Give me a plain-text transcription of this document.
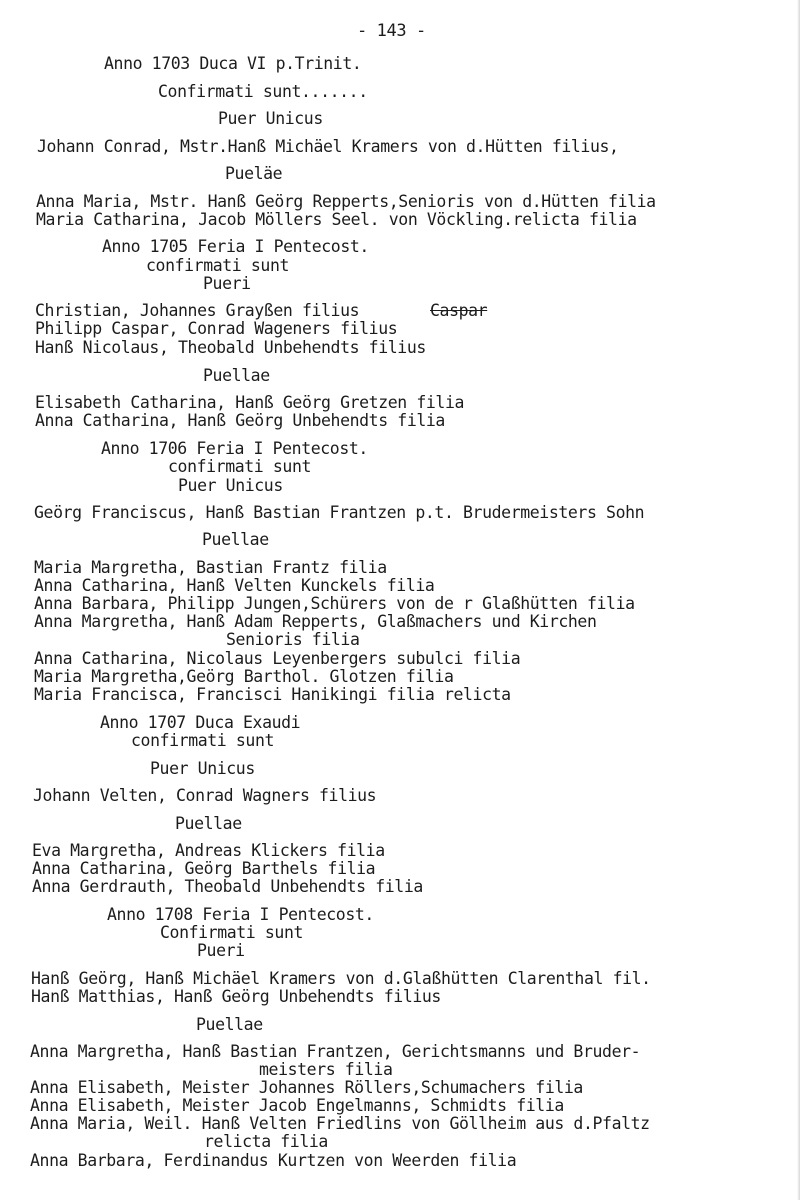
- 143 -
Anno 1703 Duca VI p.Trinit.
Confirmati sunt.......
Puer Unicus
Johann Conrad, Mstr.Hanß Michäel Kramers von d.Hütten filius,
Pueläe
Anna Maria, Mstr. Hanß Geörg Repperts,Senioris von d.Hütten filia
Maria Catharina, Jacob Möllers Seel. von Vöckling.relicta filia
Anno 1705 Feria I Pentecost.
confirmati sunt
Pueri
Christian, Johannes Grayßen filius	Caspar
Philipp Caspar, Conrad Wageners filius
Hanß Nicolaus, Theobald Unbehendts filius
Puellae
Elisabeth Catharina, Hanß Geörg Gretzen filia
Anna Catharina, Hanß Geörg Unbehendts filia
Anno 1706 Feria I Pentecost.
confirmati sunt
Puer Unicus
Geörg Franciscus, Hanß Bastian Frantzen p.t. Brudermeisters Sohn
Puellae
Maria Margretha, Bastian Frantz filia
Anna Catharina, Hanß Velten Kunckels filia
Anna Barbara, Philipp Jungen,Schürers von de r Glaßhütten filia
Anna Margretha, Hanß Adam Repperts, Glaßmachers und Kirchen
Senioris filia
Anna Catharina, Nicolaus Leyenbergers subulci filia
Maria Margretha,Geörg Barthol. Glotzen filia
Maria Francisca, Francisci Hanikingi filia relicta
Anno 1707 Duca Exaudi
confirmati sunt
Puer Unicus
Johann Velten, Conrad Wagners filius
Puellae
Eva Margretha, Andreas Klickers filia
Anna Catharina, Geörg Barthels filia
Anna Gerdrauth, Theobald Unbehendts filia
Anno 1708 Feria I Pentecost.
Confirmati sunt
Pueri
Hanß Geörg, Hanß Michäel Kramers von d.Glaßhütten Clarenthal fil.
Hanß Matthias, Hanß Geörg Unbehendts filius
Puellae
Anna Margretha, Hanß Bastian Frantzen, Gerichtsmanns und Bruder-
meisters filia
Anna Elisabeth, Meister Johannes Röllers,Schumachers filia
Anna Elisabeth, Meister Jacob Engelmanns, Schmidts filia
Anna Maria, Weil. Hanß Velten Friedlins von Göllheim aus d.Pfaltz
relicta filia
Anna Barbara, Ferdinandus Kurtzen von Weerden filia
